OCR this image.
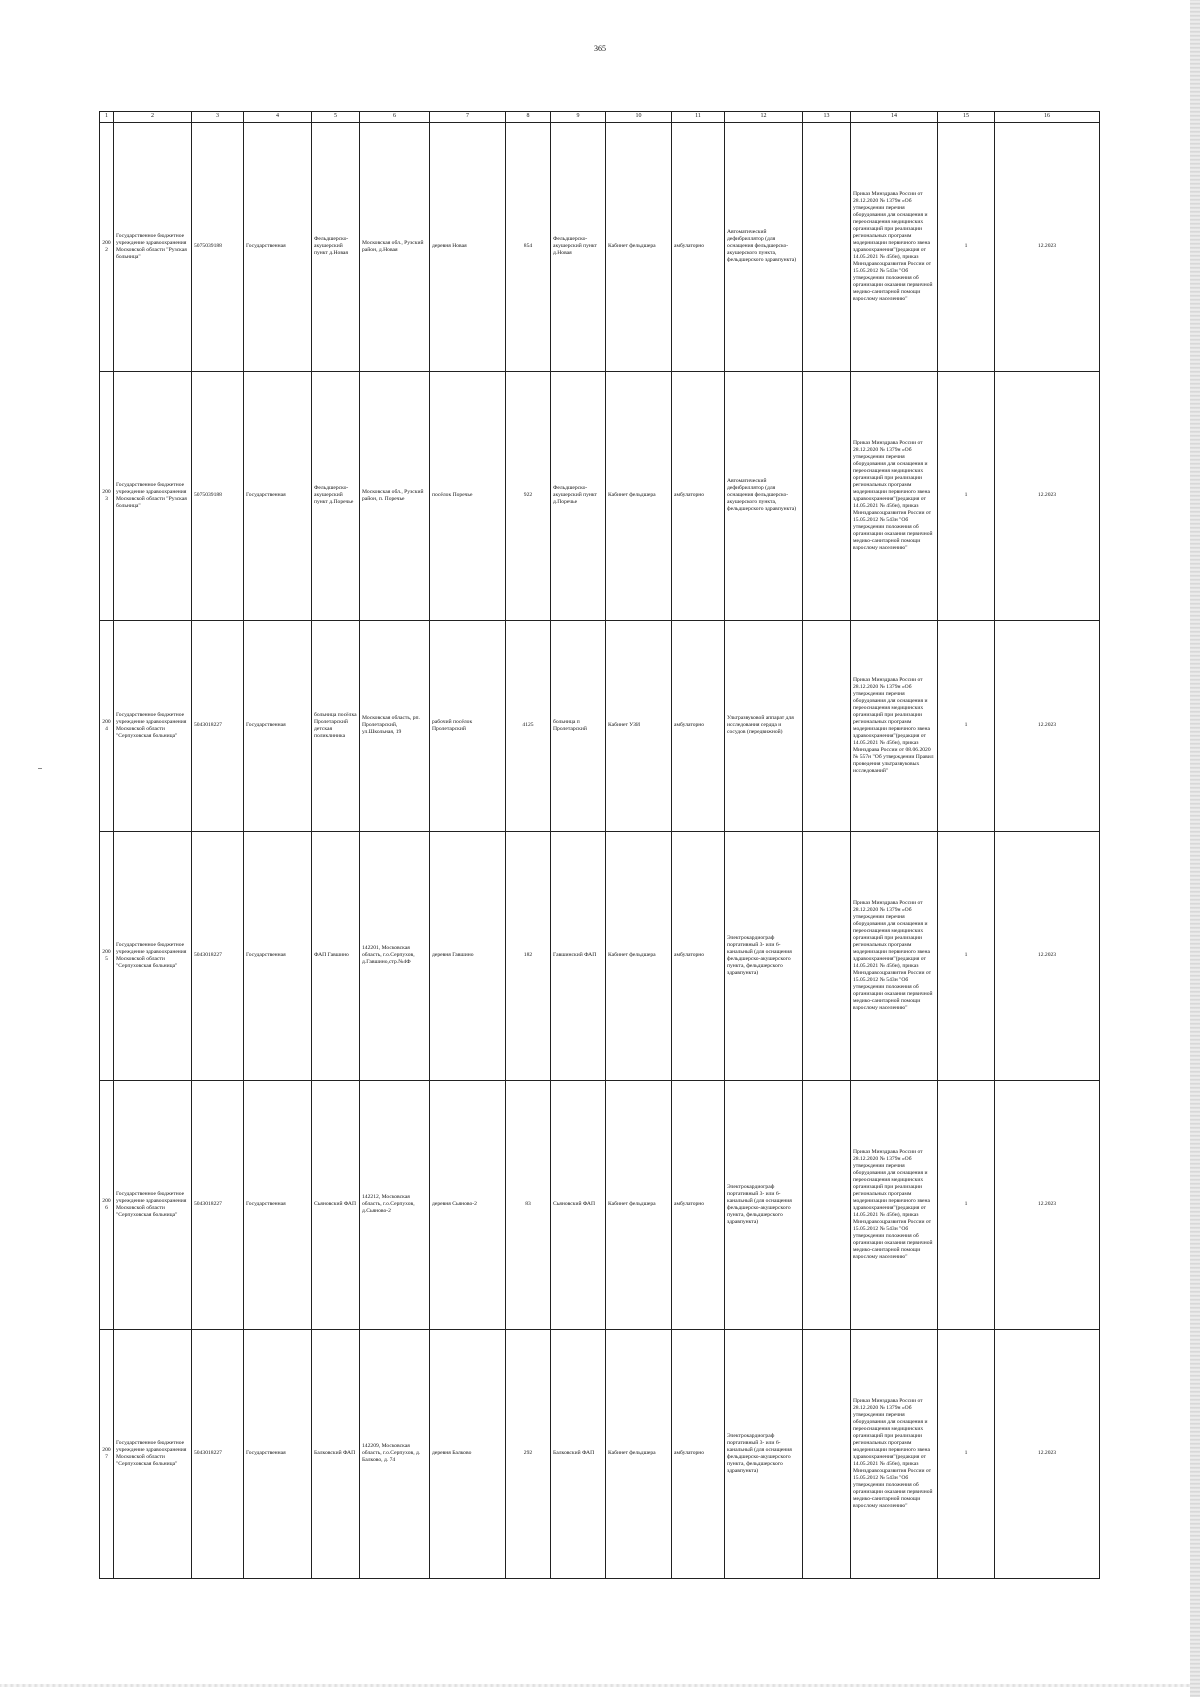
365
1	2	3	4	5	6	7	8	9	10	11	12	13	14	15	16
2002	Государственное бюджетное учреждение здравоохранения Московской области "Рузская больница"	5075039188	Государственная	Фельдшерско-акушерский пункт д.Новая	Московская обл., Рузский район, д.Новая	деревня Новая	854	Фельдшерско-акушерский пункт д.Новая	Кабинет фельдшера	амбулаторно	Автоматический дефибриллятор (для оснащения фельдшерско-акушерского пункта, фельдшерского здравпункта)		Приказ Минздрава России от 28.12.2020 № 1379н «Об утверждении перечня оборудования для оснащения и переоснащения медицинских организаций при реализации региональных программ модернизации первичного звена здравоохранения"(редакция от 14.05.2021 № 456н), приказ Минздравсоцразвития России от 15.05.2012 № 543н "Об утверждении положения об организации оказания первичной медико-санитарной помощи взрослому населению"	1	12.2023
2003	Государственное бюджетное учреждение здравоохранения Московской области "Рузская больница"	5075039188	Государственная	Фельдшерско-акушерский пункт д.Поречье	Московская обл., Рузский район, п. Поречье	посёлок Поречье	922	Фельдшерско-акушерский пункт д.Поречье	Кабинет фельдшера	амбулаторно	Автоматический дефибриллятор (для оснащения фельдшерско-акушерского пункта, фельдшерского здравпункта)		Приказ Минздрава России от 28.12.2020 № 1379н «Об утверждении перечня оборудования для оснащения и переоснащения медицинских организаций при реализации региональных программ модернизации первичного звена здравоохранения"(редакция от 14.05.2021 № 456н), приказ Минздравсоцразвития России от 15.05.2012 № 543н "Об утверждении положения об организации оказания первичной медико-санитарной помощи взрослому населению"	1	12.2023
2004	Государственное бюджетное учреждение здравоохранения Московской области "Серпуховская больница"	5043018227	Государственная	больница посёлка Пролетарский детская поликлиника	Московская область, рп. Пролетарский, ул.Школьная, 19	рабочий посёлок Пролетарский	4125	больница п Пролетарский	Кабинет УЗИ	амбулаторно	Ультразвуковой аппарат для исследования сердца и сосудов (передвижной)		Приказ Минздрава России от 28.12.2020 № 1379н «Об утверждении перечня оборудования для оснащения и переоснащения медицинских организаций при реализации региональных программ модернизации первичного звена здравоохранения"(редакция от 14.05.2021 № 456н), приказ Минздрава России от 08.06.2020 № 557н "Об утверждении Правил проведения ультразвуковых исследований"	1	12.2023
2005	Государственное бюджетное учреждение здравоохранения Московской области "Серпуховская больница"	5043018227	Государственная	ФАП Гавшино	142201, Московская область, г.о.Серпухов, д.Гавшино,стр.№4Ф	деревня Гавшино	182	Гавшинский ФАП	Кабинет фельдшера	амбулаторно	Электрокардиограф портативный 3- или 6-канальный (для оснащения фельдшерско-акушерского пункта, фельдшерского здравпункта)		Приказ Минздрава России от 28.12.2020 № 1379н «Об утверждении перечня оборудования для оснащения и переоснащения медицинских организаций при реализации региональных программ модернизации первичного звена здравоохранения"(редакция от 14.05.2021 № 456н), приказ Минздравсоцразвития России от 15.05.2012 № 543н "Об утверждении положения об организации оказания первичной медико-санитарной помощи взрослому населению"	1	12.2023
2006	Государственное бюджетное учреждение здравоохранения Московской области "Серпуховская больница"	5043018227	Государственная	Сьяновский ФАП	142212, Московская область, г.о.Серпухов, д.Сьяново-2	деревня Сьяново-2	83	Сьяновский ФАП	Кабинет фельдшера	амбулаторно	Электрокардиограф портативный 3- или 6-канальный (для оснащения фельдшерско-акушерского пункта, фельдшерского здравпункта)		Приказ Минздрава России от 28.12.2020 № 1379н «Об утверждении перечня оборудования для оснащения и переоснащения медицинских организаций при реализации региональных программ модернизации первичного звена здравоохранения"(редакция от 14.05.2021 № 456н), приказ Минздравсоцразвития России от 15.05.2012 № 543н "Об утверждении положения об организации оказания первичной медико-санитарной помощи взрослому населению"	1	12.2023
2007	Государственное бюджетное учреждение здравоохранения Московской области "Серпуховская больница"	5043018227	Государственная	Балковский ФАП	142209, Московская область, г.о.Серпухов, д. Балково, д. 74	деревня Балково	292	Балковский ФАП	Кабинет фельдшера	амбулаторно	Электрокардиограф портативный 3- или 6-канальный (для оснащения фельдшерско-акушерского пункта, фельдшерского здравпункта)		Приказ Минздрава России от 28.12.2020 № 1379н «Об утверждении перечня оборудования для оснащения и переоснащения медицинских организаций при реализации региональных программ модернизации первичного звена здравоохранения"(редакция от 14.05.2021 № 456н), приказ Минздравсоцразвития России от 15.05.2012 № 543н "Об утверждении положения об организации оказания первичной медико-санитарной помощи взрослому населению"	1	12.2023
